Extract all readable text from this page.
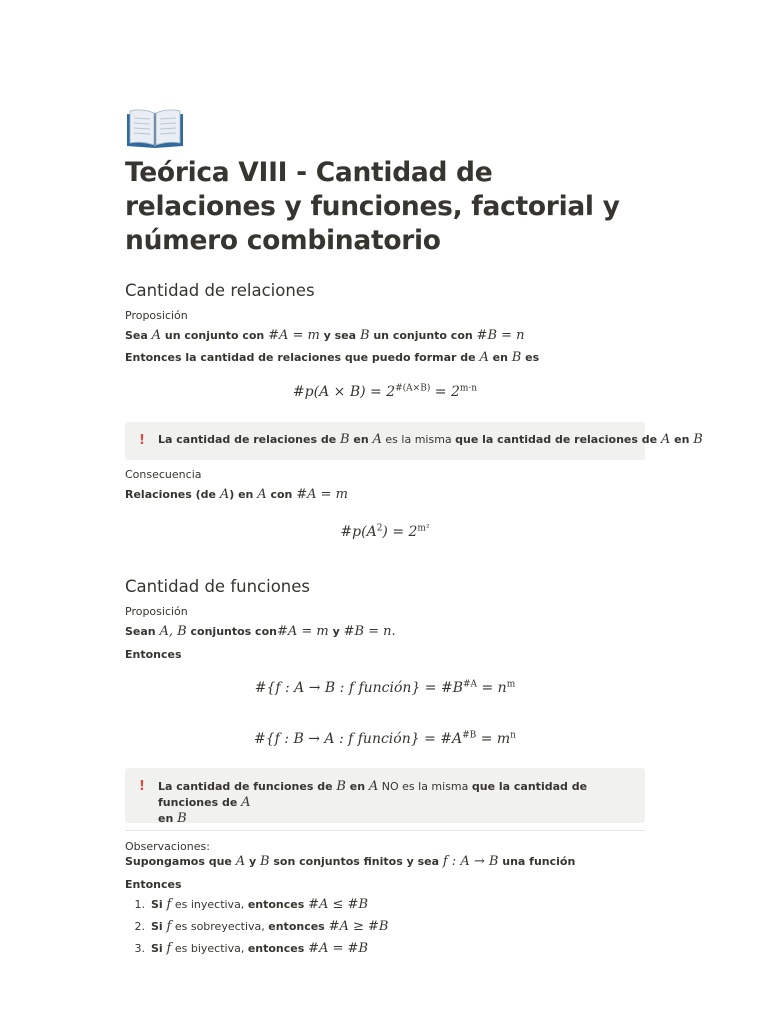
Teórica VIII - Cantidad de relaciones y funciones, factorial y número combinatorio
Cantidad de relaciones
Proposición
Sea A un conjunto con #A = m y sea B un conjunto con #B = n
Entonces la cantidad de relaciones que puedo formar de A en B es
#p(A × $B) = 2^{\#(A\times B)} = 2^{m\cdot n}$
! La cantidad de relaciones de B en A es la misma que la cantidad de relaciones de A en B
Consecuencia
Relaciones (de A) en A con #A = m
$\#p(A^2) = 2^{m^2}$
Cantidad de funciones
Proposición
Sean A, B conjuntos con#A = m y #B = n.
Entonces
#{f : A → B : f función} = $\#B^{\#A} = n^m$
#{f : B → A : f función} = $\#A^{\#B} = m^n$
! La cantidad de funciones de B en A NO es la misma que la cantidad de funciones de A
en B
Observaciones:
Supongamos que A y B son conjuntos finitos y sea f : A → B una función
Entonces
1. Si f es inyectiva, entonces #A ≤ #B
2. Si f es sobreyectiva, entonces #A ≥ #B
3. Si f es biyectiva, entonces #A = #B
